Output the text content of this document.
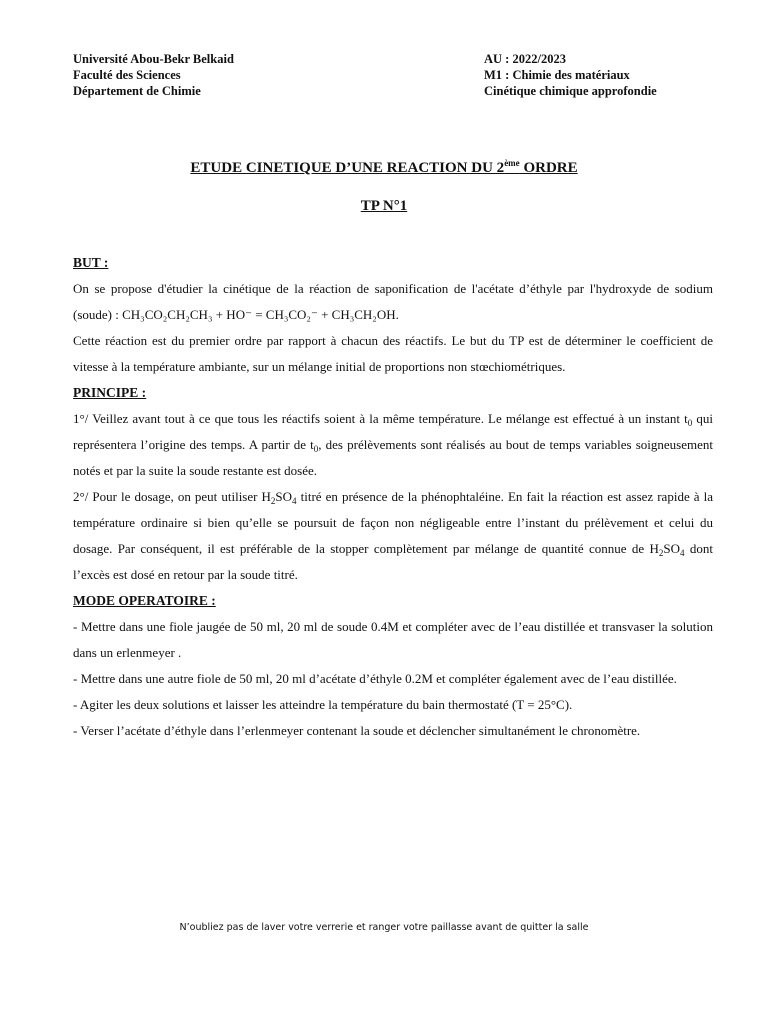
Université Abou-Bekr Belkaid
Faculté des Sciences
Département de Chimie
AU : 2022/2023
M1 : Chimie des matériaux
Cinétique chimique approfondie
ETUDE CINETIQUE D’UNE REACTION DU 2ème ORDRE
TP N°1
BUT :

On se propose d'étudier la cinétique de la réaction de saponification de l'acétate d’éthyle par l'hydroxyde de sodium (soude) : CH₃CO₂CH₂CH₃ + HO⁻ = CH₃CO₂⁻ + CH₃CH₂OH.

Cette réaction est du premier ordre par rapport à chacun des réactifs. Le but du TP est de déterminer le coefficient de vitesse à la température ambiante, sur un mélange initial de proportions non stœchiométriques.

PRINCIPE :

1°/ Veillez avant tout à ce que tous les réactifs soient à la même température. Le mélange est effectué à un instant $t_0$ qui représentera l’origine des temps. A partir de $t_0$, des prélèvements sont réalisés au bout de temps variables soigneusement notés et par la suite la soude restante est dosée.

2°/ Pour le dosage, on peut utiliser $H_2SO_4$ titré en présence de la phénophtaléine. En fait la réaction est assez rapide à la température ordinaire si bien qu’elle se poursuit de façon non négligeable entre l’instant du prélèvement et celui du dosage. Par conséquent, il est préférable de la stopper complètement par mélange de quantité connue de $H_2SO_4$ dont l’excès est dosé en retour par la soude titré.

MODE OPERATOIRE :

- Mettre dans une fiole jaugée de 50 ml, 20 ml de soude 0.4M et compléter avec de l’eau distillée et transvaser la solution dans un erlenmeyer .

- Mettre dans une autre fiole de 50 ml, 20 ml d’acétate d’éthyle 0.2M et compléter également avec de l’eau distillée.

- Agiter les deux solutions et laisser les atteindre la température du bain thermostaté (T = 25°C).

- Verser l’acétate d’éthyle dans l’erlenmeyer contenant la soude et déclencher simultanément le chronomètre.

N’oubliez pas de laver votre verrerie et ranger votre paillasse avant de quitter la salle
